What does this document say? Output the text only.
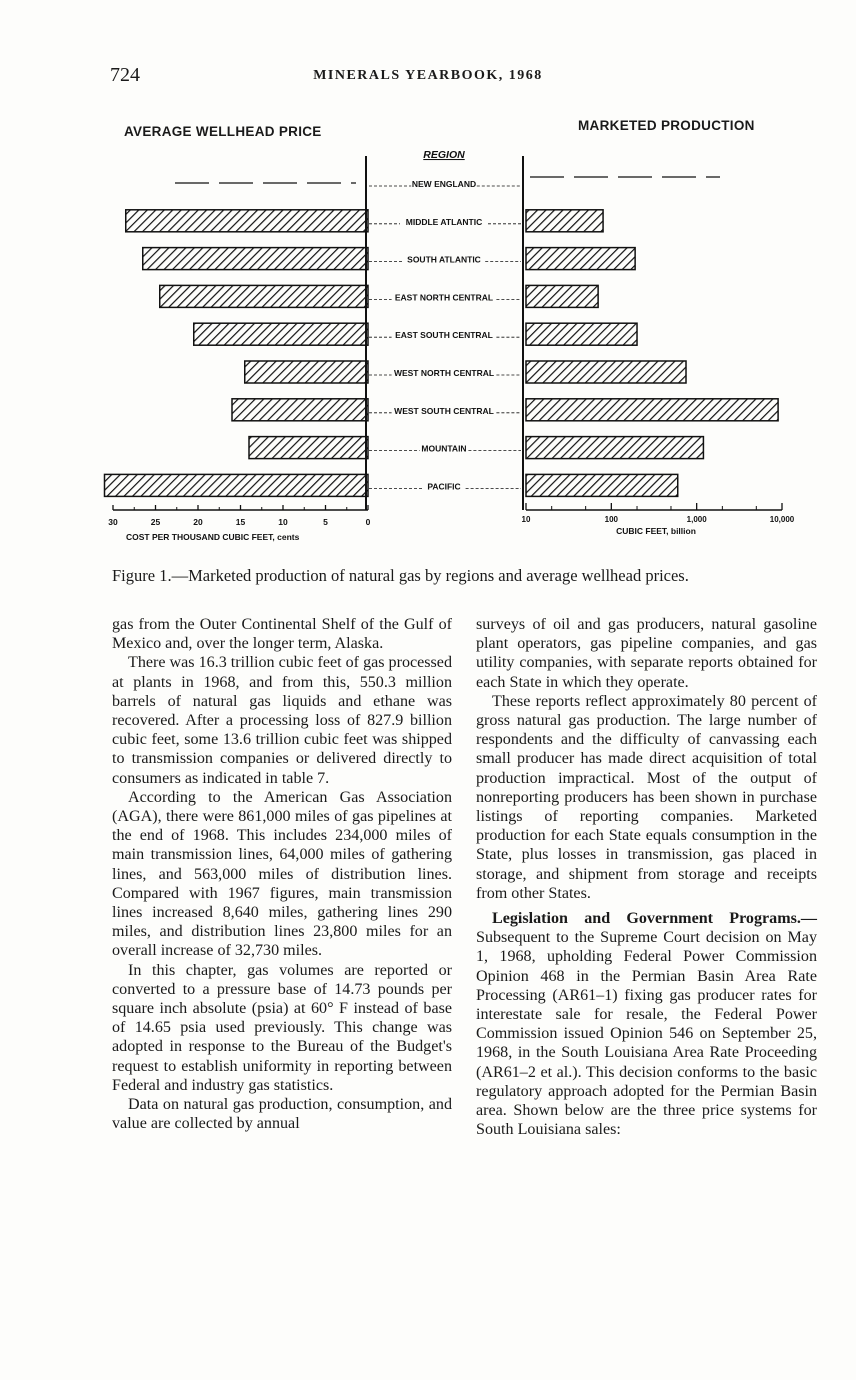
724	MINERALS YEARBOOK, 1968
AVERAGE WELLHEAD PRICE	MARKETED PRODUCTION
REGION
NEW ENGLAND
MIDDLE ATLANTIC
SOUTH ATLANTIC
EAST NORTH CENTRAL
EAST SOUTH CENTRAL
WEST NORTH CENTRAL
WEST SOUTH CENTRAL
MOUNTAIN
PACIFIC
30	25	20	15	10	5	0
COST PER THOUSAND CUBIC FEET, cents
10	100	1,000	10,000
CUBIC FEET, billion
Figure 1.—Marketed production of natural gas by regions and average wellhead prices.

gas from the Outer Continental Shelf of the Gulf of Mexico and, over the longer term, Alaska.

There was 16.3 trillion cubic feet of gas processed at plants in 1968, and from this, 550.3 million barrels of natural gas liquids and ethane was recovered. After a processing loss of 827.9 billion cubic feet, some 13.6 trillion cubic feet was shipped to transmission companies or delivered directly to consumers as indicated in table 7.

According to the American Gas Association (AGA), there were 861,000 miles of gas pipelines at the end of 1968. This includes 234,000 miles of main transmission lines, 64,000 miles of gathering lines, and 563,000 miles of distribution lines. Compared with 1967 figures, main transmission lines increased 8,640 miles, gathering lines 290 miles, and distribution lines 23,800 miles for an overall increase of 32,730 miles.

In this chapter, gas volumes are reported or converted to a pressure base of 14.73 pounds per square inch absolute (psia) at 60° F instead of base of 14.65 psia used previously. This change was adopted in response to the Bureau of the Budget's request to establish uniformity in reporting between Federal and industry gas statistics.

Data on natural gas production, consumption, and value are collected by annual

surveys of oil and gas producers, natural gasoline plant operators, gas pipeline companies, and gas utility companies, with separate reports obtained for each State in which they operate.

These reports reflect approximately 80 percent of gross natural gas production. The large number of respondents and the difficulty of canvassing each small producer has made direct acquisition of total production impractical. Most of the output of nonreporting producers has been shown in purchase listings of reporting companies. Marketed production for each State equals consumption in the State, plus losses in transmission, gas placed in storage, and shipment from storage and receipts from other States.

Legislation and Government Programs.—Subsequent to the Supreme Court decision on May 1, 1968, upholding Federal Power Commission Opinion 468 in the Permian Basin Area Rate Processing (AR61–1) fixing gas producer rates for interestate sale for resale, the Federal Power Commission issued Opinion 546 on September 25, 1968, in the South Louisiana Area Rate Proceeding (AR61–2 et al.). This decision conforms to the basic regulatory approach adopted for the Permian Basin area. Shown below are the three price systems for South Louisiana sales:
